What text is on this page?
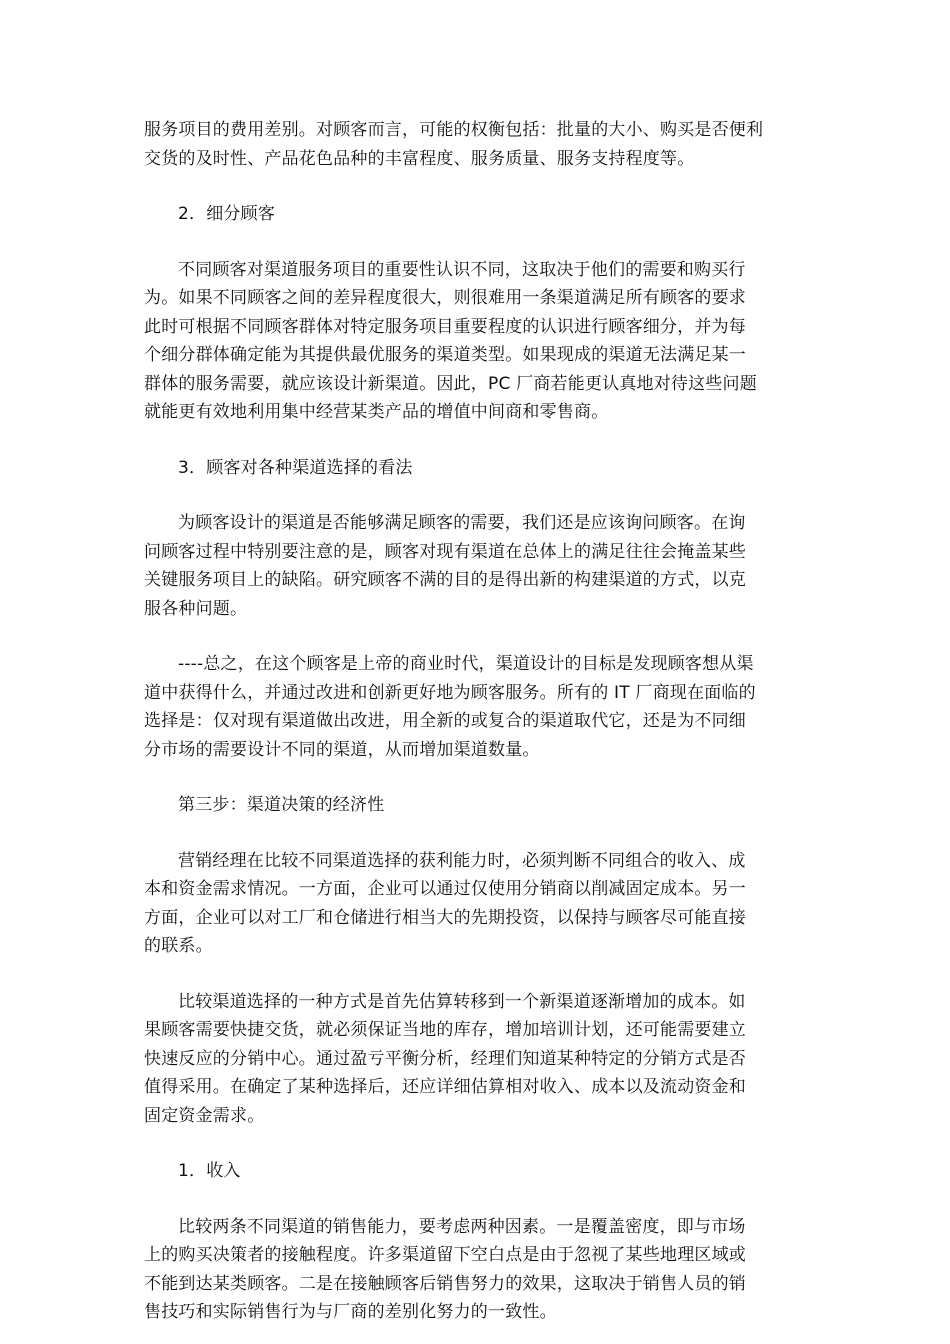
服务项目的费用差别。对顾客而言，可能的权衡包括：批量的大小、购买是否便利
交货的及时性、产品花色品种的丰富程度、服务质量、服务支持程度等。
2．细分顾客
不同顾客对渠道服务项目的重要性认识不同，这取决于他们的需要和购买行
为。如果不同顾客之间的差异程度很大，则很难用一条渠道满足所有顾客的要求
此时可根据不同顾客群体对特定服务项目重要程度的认识进行顾客细分，并为每
个细分群体确定能为其提供最优服务的渠道类型。如果现成的渠道无法满足某一
群体的服务需要，就应该设计新渠道。因此，PC 厂商若能更认真地对待这些问题
就能更有效地利用集中经营某类产品的增值中间商和零售商。
3．顾客对各种渠道选择的看法
为顾客设计的渠道是否能够满足顾客的需要，我们还是应该询问顾客。在询
问顾客过程中特别要注意的是，顾客对现有渠道在总体上的满足往往会掩盖某些
关键服务项目上的缺陷。研究顾客不满的目的是得出新的构建渠道的方式，以克
服各种问题。
----总之，在这个顾客是上帝的商业时代，渠道设计的目标是发现顾客想从渠
道中获得什么，并通过改进和创新更好地为顾客服务。所有的 IT 厂商现在面临的
选择是：仅对现有渠道做出改进，用全新的或复合的渠道取代它，还是为不同细
分市场的需要设计不同的渠道，从而增加渠道数量。
第三步：渠道决策的经济性
营销经理在比较不同渠道选择的获利能力时，必须判断不同组合的收入、成
本和资金需求情况。一方面，企业可以通过仅使用分销商以削减固定成本。另一
方面，企业可以对工厂和仓储进行相当大的先期投资，以保持与顾客尽可能直接
的联系。
比较渠道选择的一种方式是首先估算转移到一个新渠道逐渐增加的成本。如
果顾客需要快捷交货，就必须保证当地的库存，增加培训计划，还可能需要建立
快速反应的分销中心。通过盈亏平衡分析，经理们知道某种特定的分销方式是否
值得采用。在确定了某种选择后，还应详细估算相对收入、成本以及流动资金和
固定资金需求。
1．收入
比较两条不同渠道的销售能力，要考虑两种因素。一是覆盖密度，即与市场
上的购买决策者的接触程度。许多渠道留下空白点是由于忽视了某些地理区域或
不能到达某类顾客。二是在接触顾客后销售努力的效果，这取决于销售人员的销
售技巧和实际销售行为与厂商的差别化努力的一致性。
